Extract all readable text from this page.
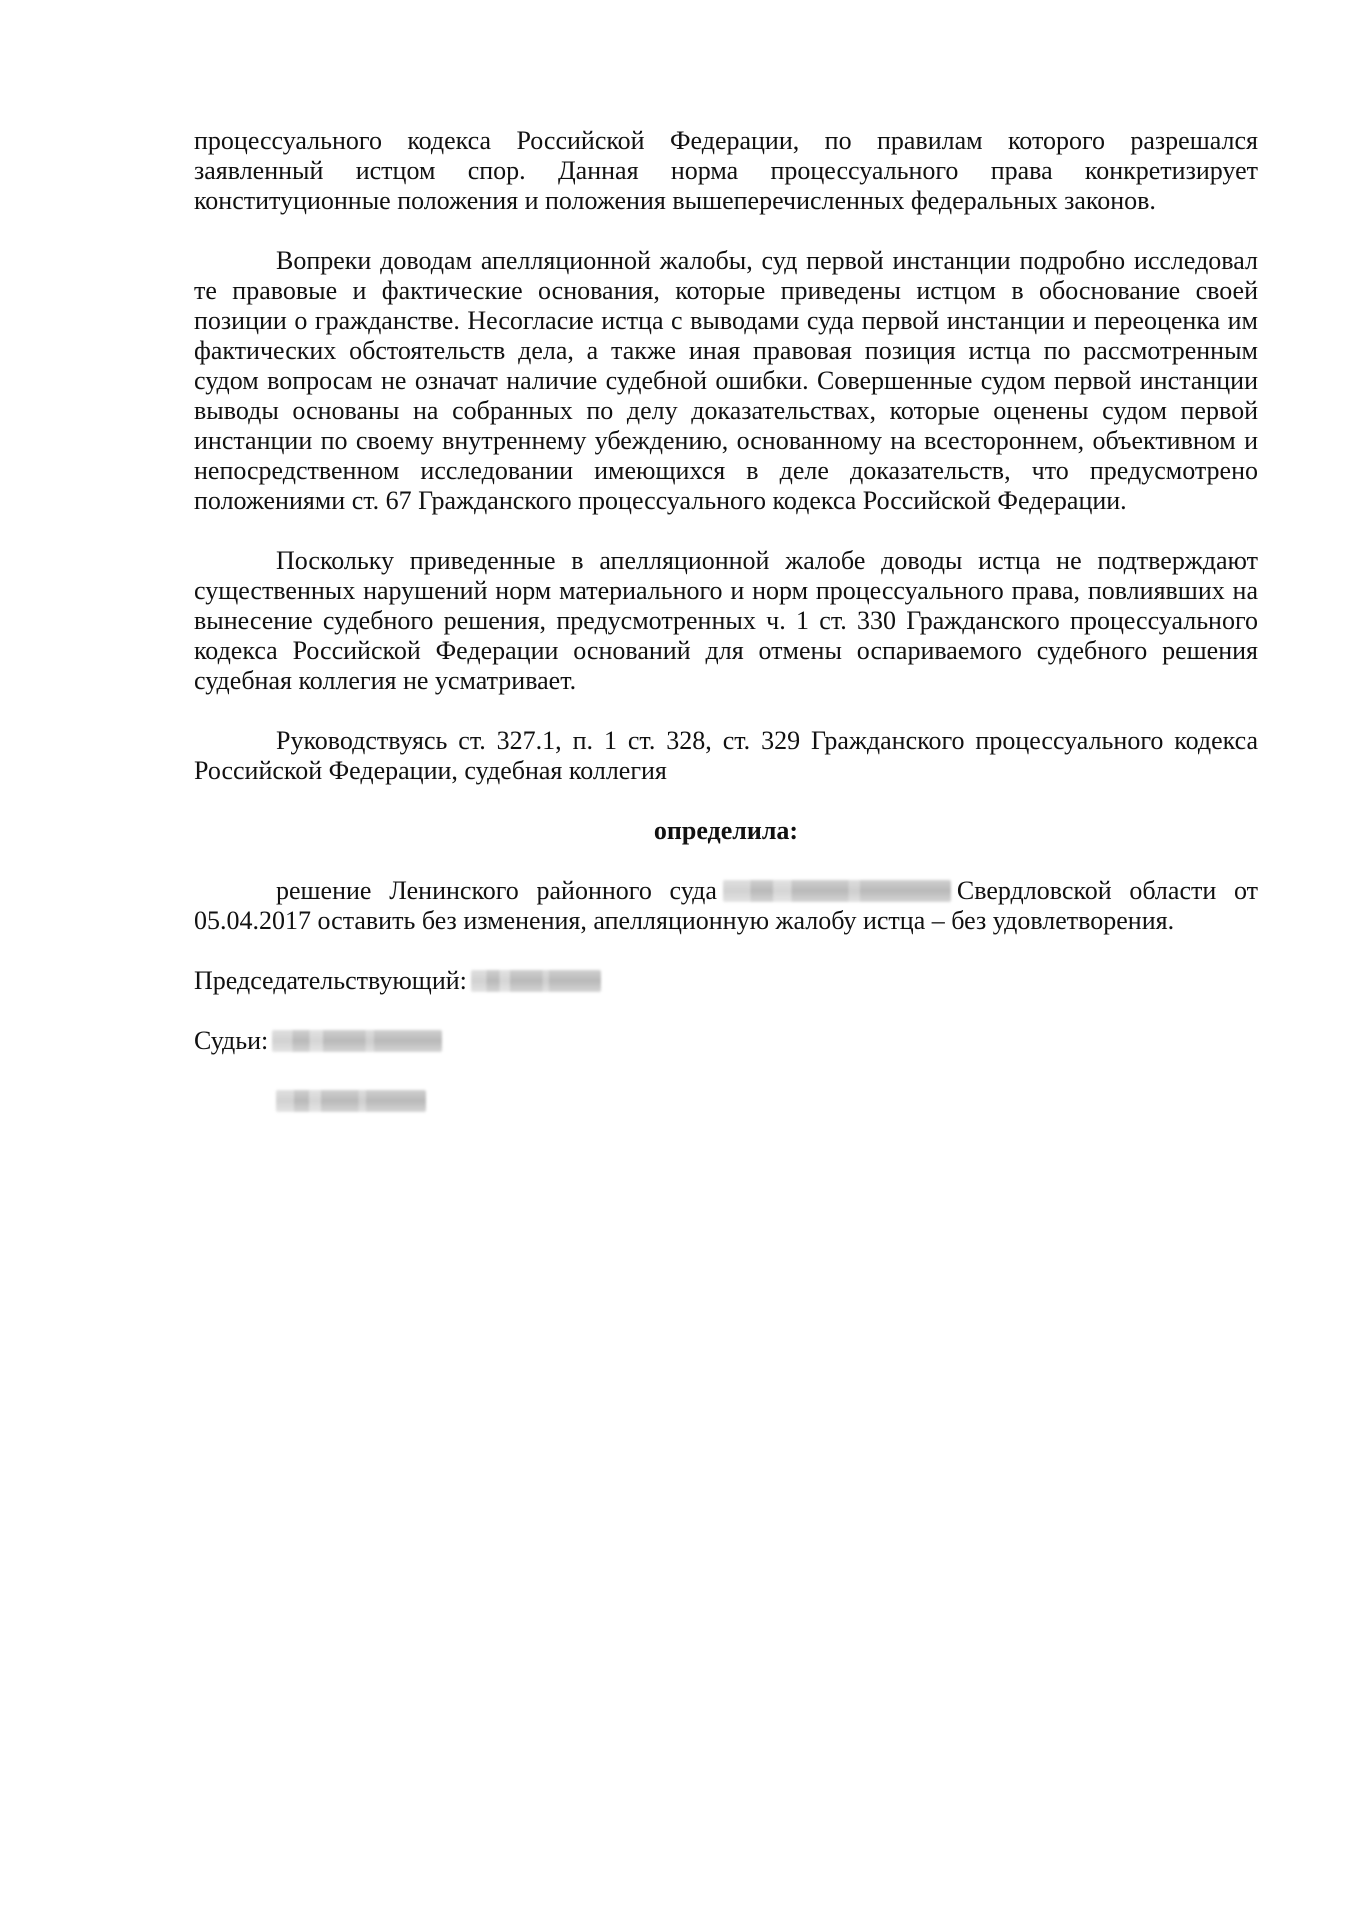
процессуального кодекса Российской Федерации, по правилам которого разрешался заявленный истцом спор. Данная норма процессуального права конкретизирует конституционные положения и положения вышеперечисленных федеральных законов.

Вопреки доводам апелляционной жалобы, суд первой инстанции подробно исследовал те правовые и фактические основания, которые приведены истцом в обоснование своей позиции о гражданстве. Несогласие истца с выводами суда первой инстанции и переоценка им фактических обстоятельств дела, а также иная правовая позиция истца по рассмотренным судом вопросам не означат наличие судебной ошибки. Совершенные судом первой инстанции выводы основаны на собранных по делу доказательствах, которые оценены судом первой инстанции по своему внутреннему убеждению, основанному на всестороннем, объективном и непосредственном исследовании имеющихся в деле доказательств, что предусмотрено положениями ст. 67 Гражданского процессуального кодекса Российской Федерации.

Поскольку приведенные в апелляционной жалобе доводы истца не подтверждают существенных нарушений норм материального и норм процессуального права, повлиявших на вынесение судебного решения, предусмотренных ч. 1 ст. 330 Гражданского процессуального кодекса Российской Федерации оснований для отмены оспариваемого судебного решения судебная коллегия не усматривает.

Руководствуясь ст. 327.1, п. 1 ст. 328, ст. 329 Гражданского процессуального кодекса Российской Федерации, судебная коллегия

определила:

решение Ленинского районного суда	Свердловской области от 05.04.2017 оставить без изменения, апелляционную жалобу истца – без удовлетворения.

Председательствующий:
Судьи:
